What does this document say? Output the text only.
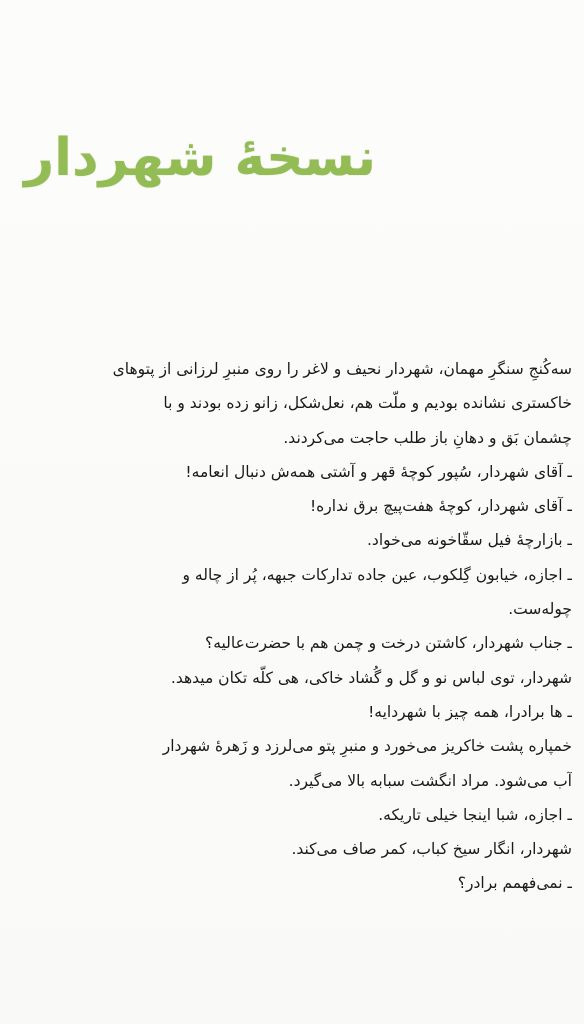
نسخهٔ شهردار
سه‌کُنجِ سنگرِ مهمان، شهردار نحیف و لاغر را روی منبرِ لرزانی از پتوهای
خاکستری نشانده بودیم و ملّت هم، نعل‌شکل، زانو زده بودند و با
چشمان بَق و دهانِ باز طلب حاجت می‌کردند.
ـ آقای شهردار، سُپور کوچهٔ قهر و آشتی همه‌ش دنبال انعامه!
ـ آقای شهردار، کوچهٔ هفت‌پیچ برق نداره!
ـ بازارچهٔ فیل سقّاخونه می‌خواد.
ـ اجازه، خیابون گِلکوب، عین جاده تدارکات جبهه، پُر از چاله و
چوله‌ست.
ـ جناب شهردار، کاشتن درخت و چمن هم با حضرت‌عالیه؟
شهردار، توی لباس نو و گل و گُشاد خاکی، هی کلّه تکان میدهد.
ـ ها برادرا، همه چیز با شهردایه!
خمپاره پشت خاکریز می‌خورد و منبرِ پتو می‌لرزد و زَهرهٔ شهردار
آب می‌شود. مراد انگشت سبابه بالا می‌گیرد.
ـ اجازه، شبا اینجا خیلی تاریکه.
شهردار، انگار سیخ کباب، کمر صاف می‌کند.
ـ نمی‌فهمم برادر؟
